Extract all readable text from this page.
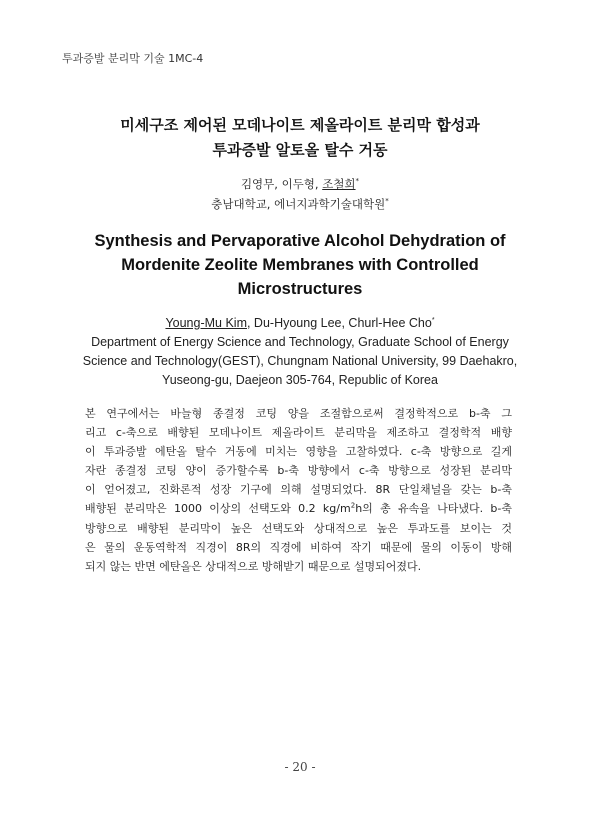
투과증발 분리막 기술 1MC-4
미세구조 제어된 모데나이트 제올라이트 분리막 합성과
투과증발 알토올 탈수 거동
김영무, 이두형, 조철희*
충남대학교, 에너지과학기술대학원*
Synthesis and Pervaporative Alcohol Dehydration of
Mordenite Zeolite Membranes with Controlled
Microstructures
Young-Mu Kim, Du-Hyoung Lee, Churl-Hee Cho*
Department of Energy Science and Technology, Graduate School of Energy
Science and Technology(GEST), Chungnam National University, 99 Daehakro,
Yuseong-gu, Daejeon 305-764, Republic of Korea

본 연구에서는 바늘형 종결정 코팅 양을 조절함으로써 결정학적으로 b-축 그
리고 c-축으로 배향된 모데나이트 제올라이트 분리막을 제조하고 결정학적 배향
이 투과증발 에탄올 탈수 거동에 미치는 영향을 고찰하였다. c-축 방향으로 길게
자란 종결정 코팅 양이 증가할수록 b-축 방향에서 c-축 방향으로 성장된 분리막
이 얻어졌고, 진화론적 성장 기구에 의해 설명되었다. 8R 단일채널을 갖는 b-축
배향된 분리막은 1000 이상의 선택도와 0.2 $kg/m^2h$의 총 유속을 나타냈다. b-축
방향으로 배향된 분리막이 높은 선택도와 상대적으로 높은 투과도를 보이는 것
은 물의 운동역학적 직경이 8R의 직경에 비하여 작기 때문에 물의 이동이 방해
되지 않는 반면 에탄올은 상대적으로 방해받기 때문으로 설명되어졌다.

- 20 -
